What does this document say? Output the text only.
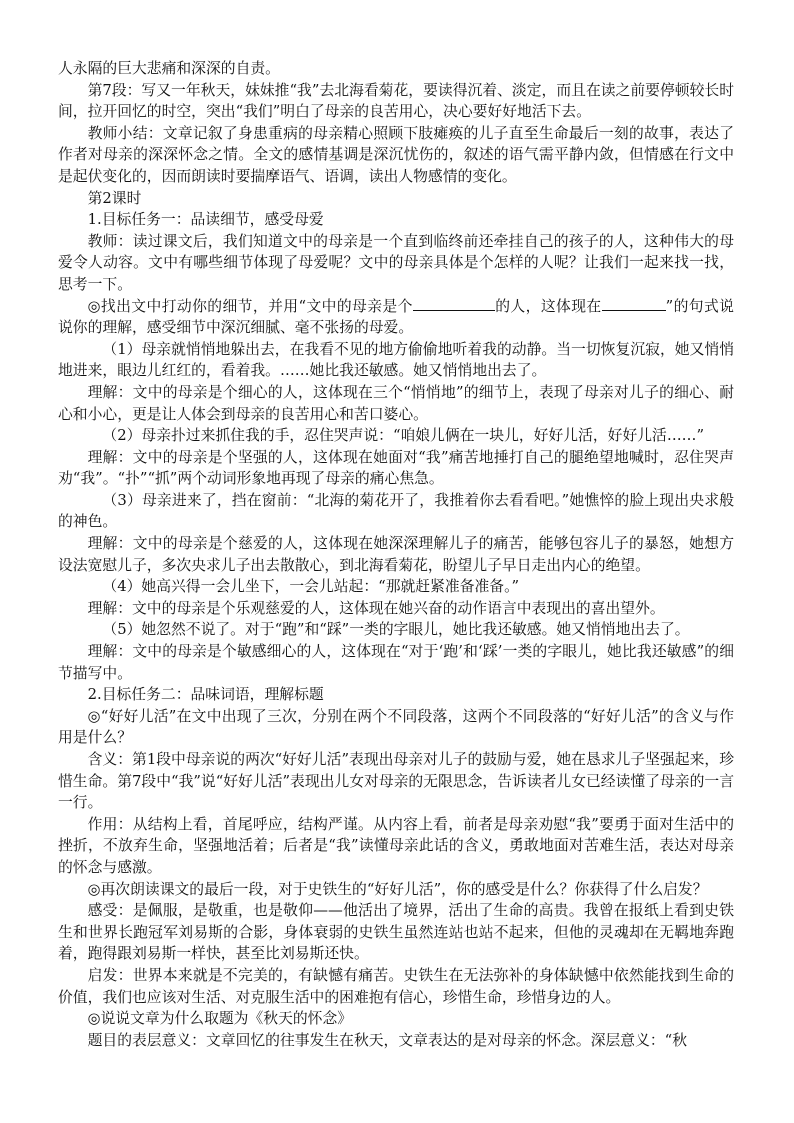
人永隔的巨大悲痛和深深的自责。

第7段：写又一年秋天，妹妹推“我”去北海看菊花，要读得沉着、淡定，而且在读之前要停顿较长时间，拉开回忆的时空，突出“我们”明白了母亲的良苦用心，决心要好好地活下去。

教师小结：文章记叙了身患重病的母亲精心照顾下肢瘫痪的儿子直至生命最后一刻的故事，表达了作者对母亲的深深怀念之情。全文的感情基调是深沉忧伤的，叙述的语气需平静内敛，但情感在行文中是起伏变化的，因而朗读时要揣摩语气、语调，读出人物感情的变化。

第2课时

1.目标任务一：品读细节，感受母爱

教师：读过课文后，我们知道文中的母亲是一个直到临终前还牵挂自己的孩子的人，这种伟大的母爱令人动容。文中有哪些细节体现了母爱呢？文中的母亲具体是个怎样的人呢？让我们一起来找一找，思考一下。

◎找出文中打动你的细节，并用“文中的母亲是个	的人，这体现在	”的句式说说你的理解，感受细节中深沉细腻、毫不张扬的母爱。

（1）母亲就悄悄地躲出去，在我看不见的地方偷偷地听着我的动静。当一切恢复沉寂，她又悄悄地进来，眼边儿红红的，看着我。……她比我还敏感。她又悄悄地出去了。

理解：文中的母亲是个细心的人，这体现在三个“悄悄地”的细节上，表现了母亲对儿子的细心、耐心和小心，更是让人体会到母亲的良苦用心和苦口婆心。

（2）母亲扑过来抓住我的手，忍住哭声说：“咱娘儿俩在一块儿，好好儿活，好好儿活……”

理解：文中的母亲是个坚强的人，这体现在她面对“我”痛苦地捶打自己的腿绝望地喊时，忍住哭声劝“我”。“扑”“抓”两个动词形象地再现了母亲的痛心焦急。

（3）母亲进来了，挡在窗前：“北海的菊花开了，我推着你去看看吧。”她憔悴的脸上现出央求般的神色。

理解：文中的母亲是个慈爱的人，这体现在她深深理解儿子的痛苦，能够包容儿子的暴怒，她想方设法宽慰儿子，多次央求儿子出去散散心，到北海看菊花，盼望儿子早日走出内心的绝望。

（4）她高兴得一会儿坐下，一会儿站起：“那就赶紧准备准备。”

理解：文中的母亲是个乐观慈爱的人，这体现在她兴奋的动作语言中表现出的喜出望外。

（5）她忽然不说了。对于“跑”和“踩”一类的字眼儿，她比我还敏感。她又悄悄地出去了。

理解：文中的母亲是个敏感细心的人，这体现在“对于‘跑’和‘踩’一类的字眼儿，她比我还敏感”的细节描写中。

2.目标任务二：品味词语，理解标题

◎“好好儿活”在文中出现了三次，分别在两个不同段落，这两个不同段落的“好好儿活”的含义与作用是什么？

含义：第1段中母亲说的两次“好好儿活”表现出母亲对儿子的鼓励与爱，她在恳求儿子坚强起来，珍惜生命。第7段中“我”说“好好儿活”表现出儿女对母亲的无限思念，告诉读者儿女已经读懂了母亲的一言一行。

作用：从结构上看，首尾呼应，结构严谨。从内容上看，前者是母亲劝慰“我”要勇于面对生活中的挫折，不放弃生命，坚强地活着；后者是“我”读懂母亲此话的含义，勇敢地面对苦难生活，表达对母亲的怀念与感激。

◎再次朗读课文的最后一段，对于史铁生的“好好儿活”，你的感受是什么？你获得了什么启发？

感受：是佩服，是敬重，也是敬仰——他活出了境界，活出了生命的高贵。我曾在报纸上看到史铁生和世界长跑冠军刘易斯的合影，身体衰弱的史铁生虽然连站也站不起来，但他的灵魂却在无羁地奔跑着，跑得跟刘易斯一样快，甚至比刘易斯还快。

启发：世界本来就是不完美的，有缺憾有痛苦。史铁生在无法弥补的身体缺憾中依然能找到生命的价值，我们也应该对生活、对克服生活中的困难抱有信心，珍惜生命，珍惜身边的人。

◎说说文章为什么取题为《秋天的怀念》

题目的表层意义：文章回忆的往事发生在秋天，文章表达的是对母亲的怀念。深层意义：“秋
